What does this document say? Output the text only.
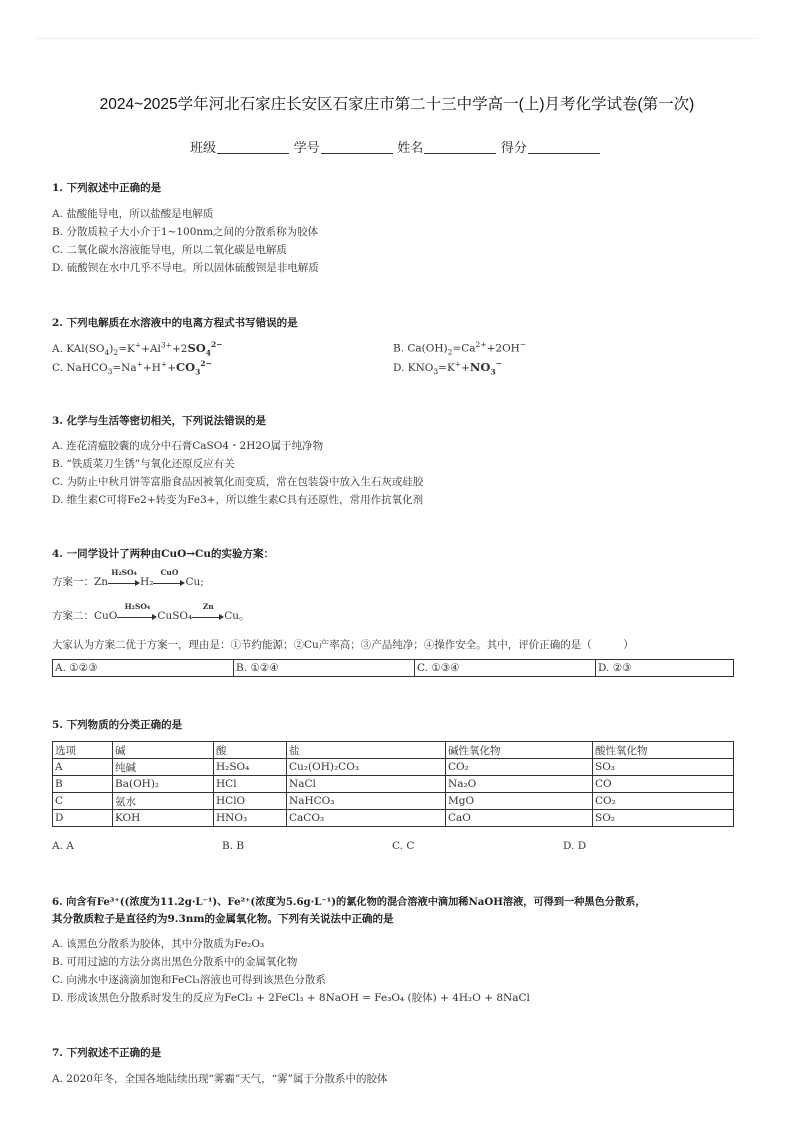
2024~2025学年河北石家庄长安区石家庄市第二十三中学高一(上)月考化学试卷(第一次)
班级	学号	姓名	得分
1. 下列叙述中正确的是
A. 盐酸能导电，所以盐酸是电解质
B. 分散质粒子大小介于1~100nm之间的分散系称为胶体
C. 二氧化碳水溶液能导电，所以二氧化碳是电解质
D. 硫酸钡在水中几乎不导电。所以固体硫酸钡是非电解质
2. 下列电解质在水溶液中的电离方程式书写错误的是
A. $KAl(SO_4)_2=K^++Al^{3+}+2SO_4^{2-}$	B. $Ca(OH)_2=Ca^{2+}+2OH^-$
C. $NaHCO_3=Na^++H^++CO_3^{2-}$	D. $KNO_3=K^++NO_3^-$
3. 化学与生活等密切相关，下列说法错误的是
A. 连花清瘟胶囊的成分中石膏CaSO4・2H2O属于纯净物
B. “铁质菜刀生锈”与氧化还原反应有关
C. 为防止中秋月饼等富脂食品因被氧化而变质，常在包装袋中放入生石灰或硅胶
D. 维生素C可将Fe2+转变为Fe3+，所以维生素C具有还原性，常用作抗氧化剂
4. 一同学设计了两种由CuO→Cu的实验方案：
方案一：Zn
H₂SO₄
H₂
CuO
Cu;
方案二：CuO
H₂SO₄
CuSO₄
Zn
Cu。
大家认为方案二优于方案一，理由是：①节约能源；②Cu产率高；③产品纯净；④操作安全。其中，评价正确的是（　　　）
A. ①②③	B. ①②④	C. ①③④	D. ②③
5. 下列物质的分类正确的是
选项	碱	酸	盐	碱性氧化物	酸性氧化物
A	纯碱	H₂SO₄	Cu₂(OH)₂CO₃	CO₂	SO₃
B	Ba(OH)₂	HCl	NaCl	Na₂O	CO
C	氨水	HClO	NaHCO₃	MgO	CO₂
D	KOH	HNO₃	CaCO₃	CaO	SO₂
A. A	B. B	C. C	D. D
6. 向含有Fe³⁺((浓度为11.2g·L⁻¹)、Fe²⁺(浓度为5.6g·L⁻¹)的氯化物的混合溶液中滴加稀NaOH溶液，可得到一种黑色分散系，
其分散质粒子是直径约为9.3nm的金属氧化物。下列有关说法中正确的是
A. 该黑色分散系为胶体，其中分散质为Fe₂O₃
B. 可用过滤的方法分离出黑色分散系中的金属氧化物
C. 向沸水中逐滴滴加饱和FeCl₃溶液也可得到该黑色分散系
D. 形成该黑色分散系时发生的反应为FeCl₂ + 2FeCl₃ + 8NaOH = Fe₃O₄ (胶体) + 4H₂O + 8NaCl
7. 下列叙述不正确的是
A. 2020年冬，全国各地陆续出现“雾霾”天气，“雾”属于分散系中的胶体
